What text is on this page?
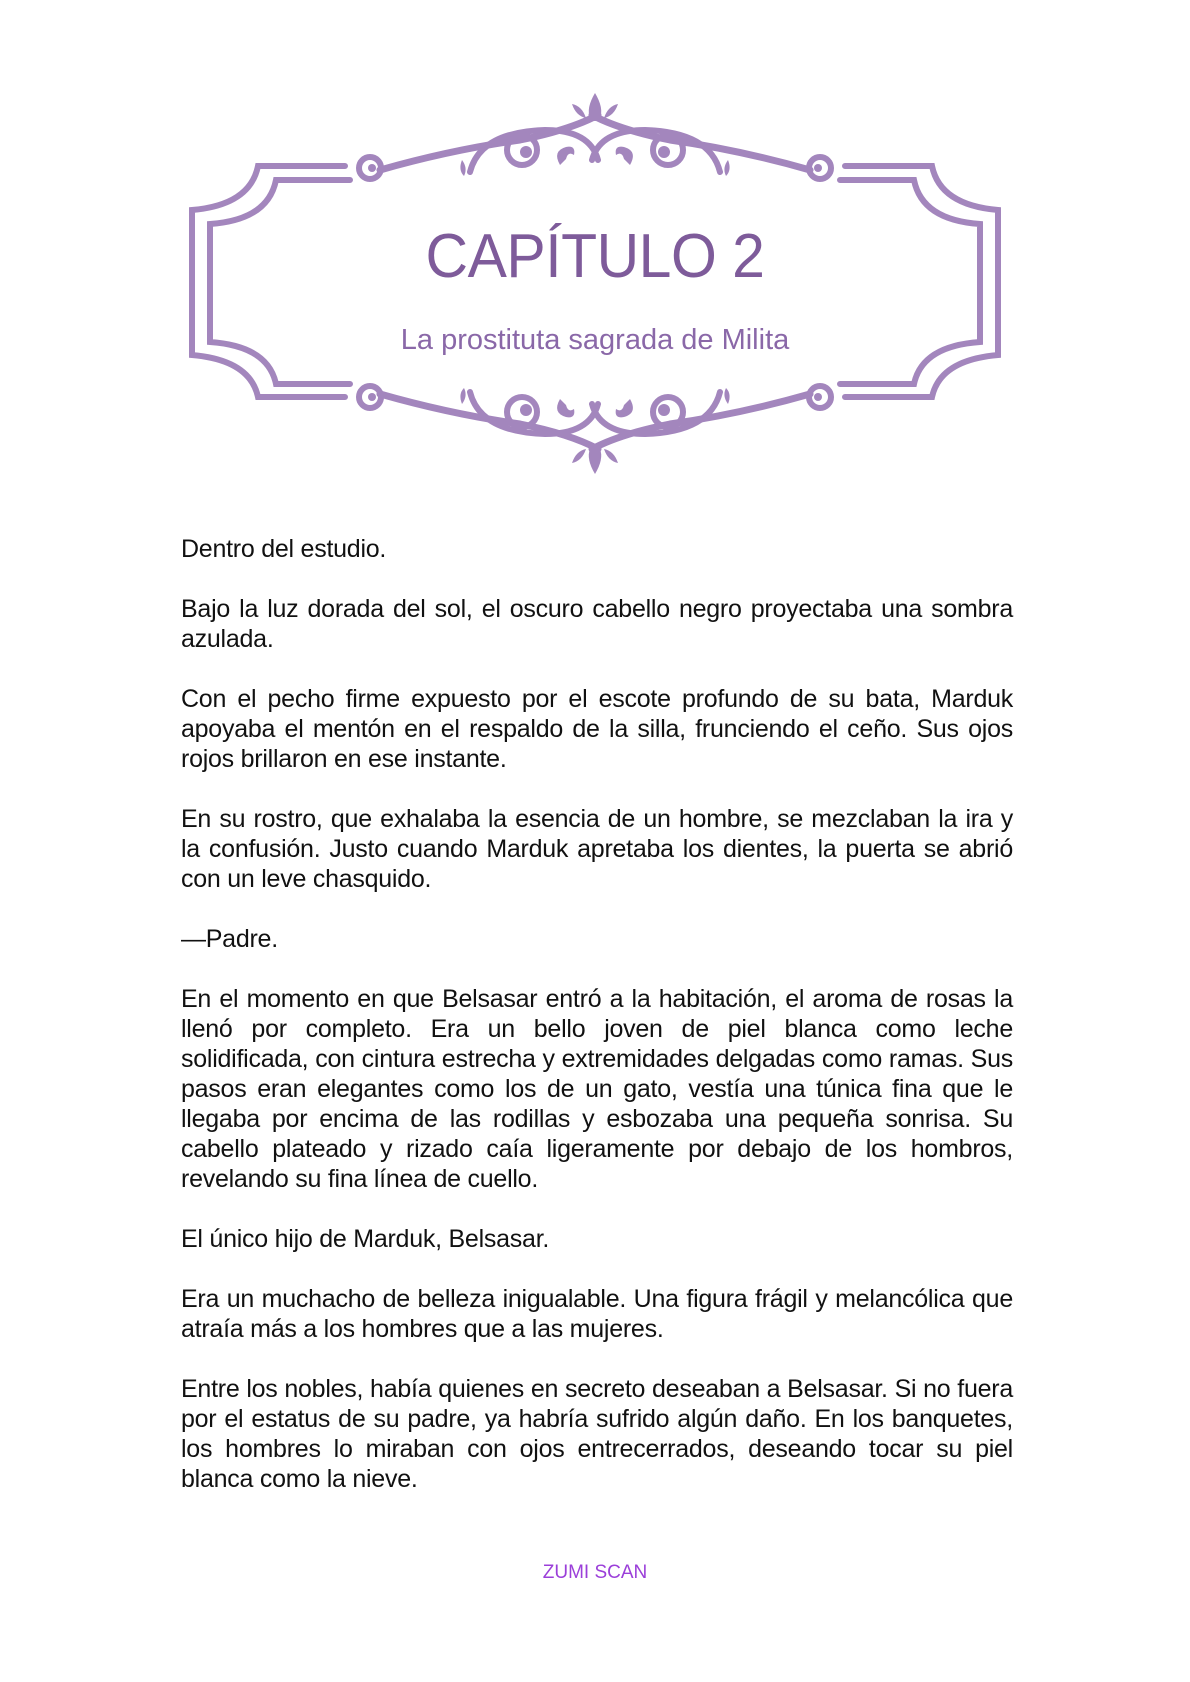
CAPÍTULO 2
La prostituta sagrada de Milita

Dentro del estudio.

Bajo la luz dorada del sol, el oscuro cabello negro proyectaba una sombra azulada.

Con el pecho firme expuesto por el escote profundo de su bata, Marduk apoyaba el mentón en el respaldo de la silla, frunciendo el ceño. Sus ojos rojos brillaron en ese instante.

En su rostro, que exhalaba la esencia de un hombre, se mezclaban la ira y la confusión. Justo cuando Marduk apretaba los dientes, la puerta se abrió con un leve chasquido.

—Padre.

En el momento en que Belsasar entró a la habitación, el aroma de rosas la llenó por completo. Era un bello joven de piel blanca como leche solidificada, con cintura estrecha y extremidades delgadas como ramas. Sus pasos eran elegantes como los de un gato, vestía una túnica fina que le llegaba por encima de las rodillas y esbozaba una pequeña sonrisa. Su cabello plateado y rizado caía ligeramente por debajo de los hombros, revelando su fina línea de cuello.

El único hijo de Marduk, Belsasar.

Era un muchacho de belleza inigualable. Una figura frágil y melancólica que atraía más a los hombres que a las mujeres.

Entre los nobles, había quienes en secreto deseaban a Belsasar. Si no fuera por el estatus de su padre, ya habría sufrido algún daño. En los banquetes, los hombres lo miraban con ojos entrecerrados, deseando tocar su piel blanca como la nieve.

ZUMI SCAN
